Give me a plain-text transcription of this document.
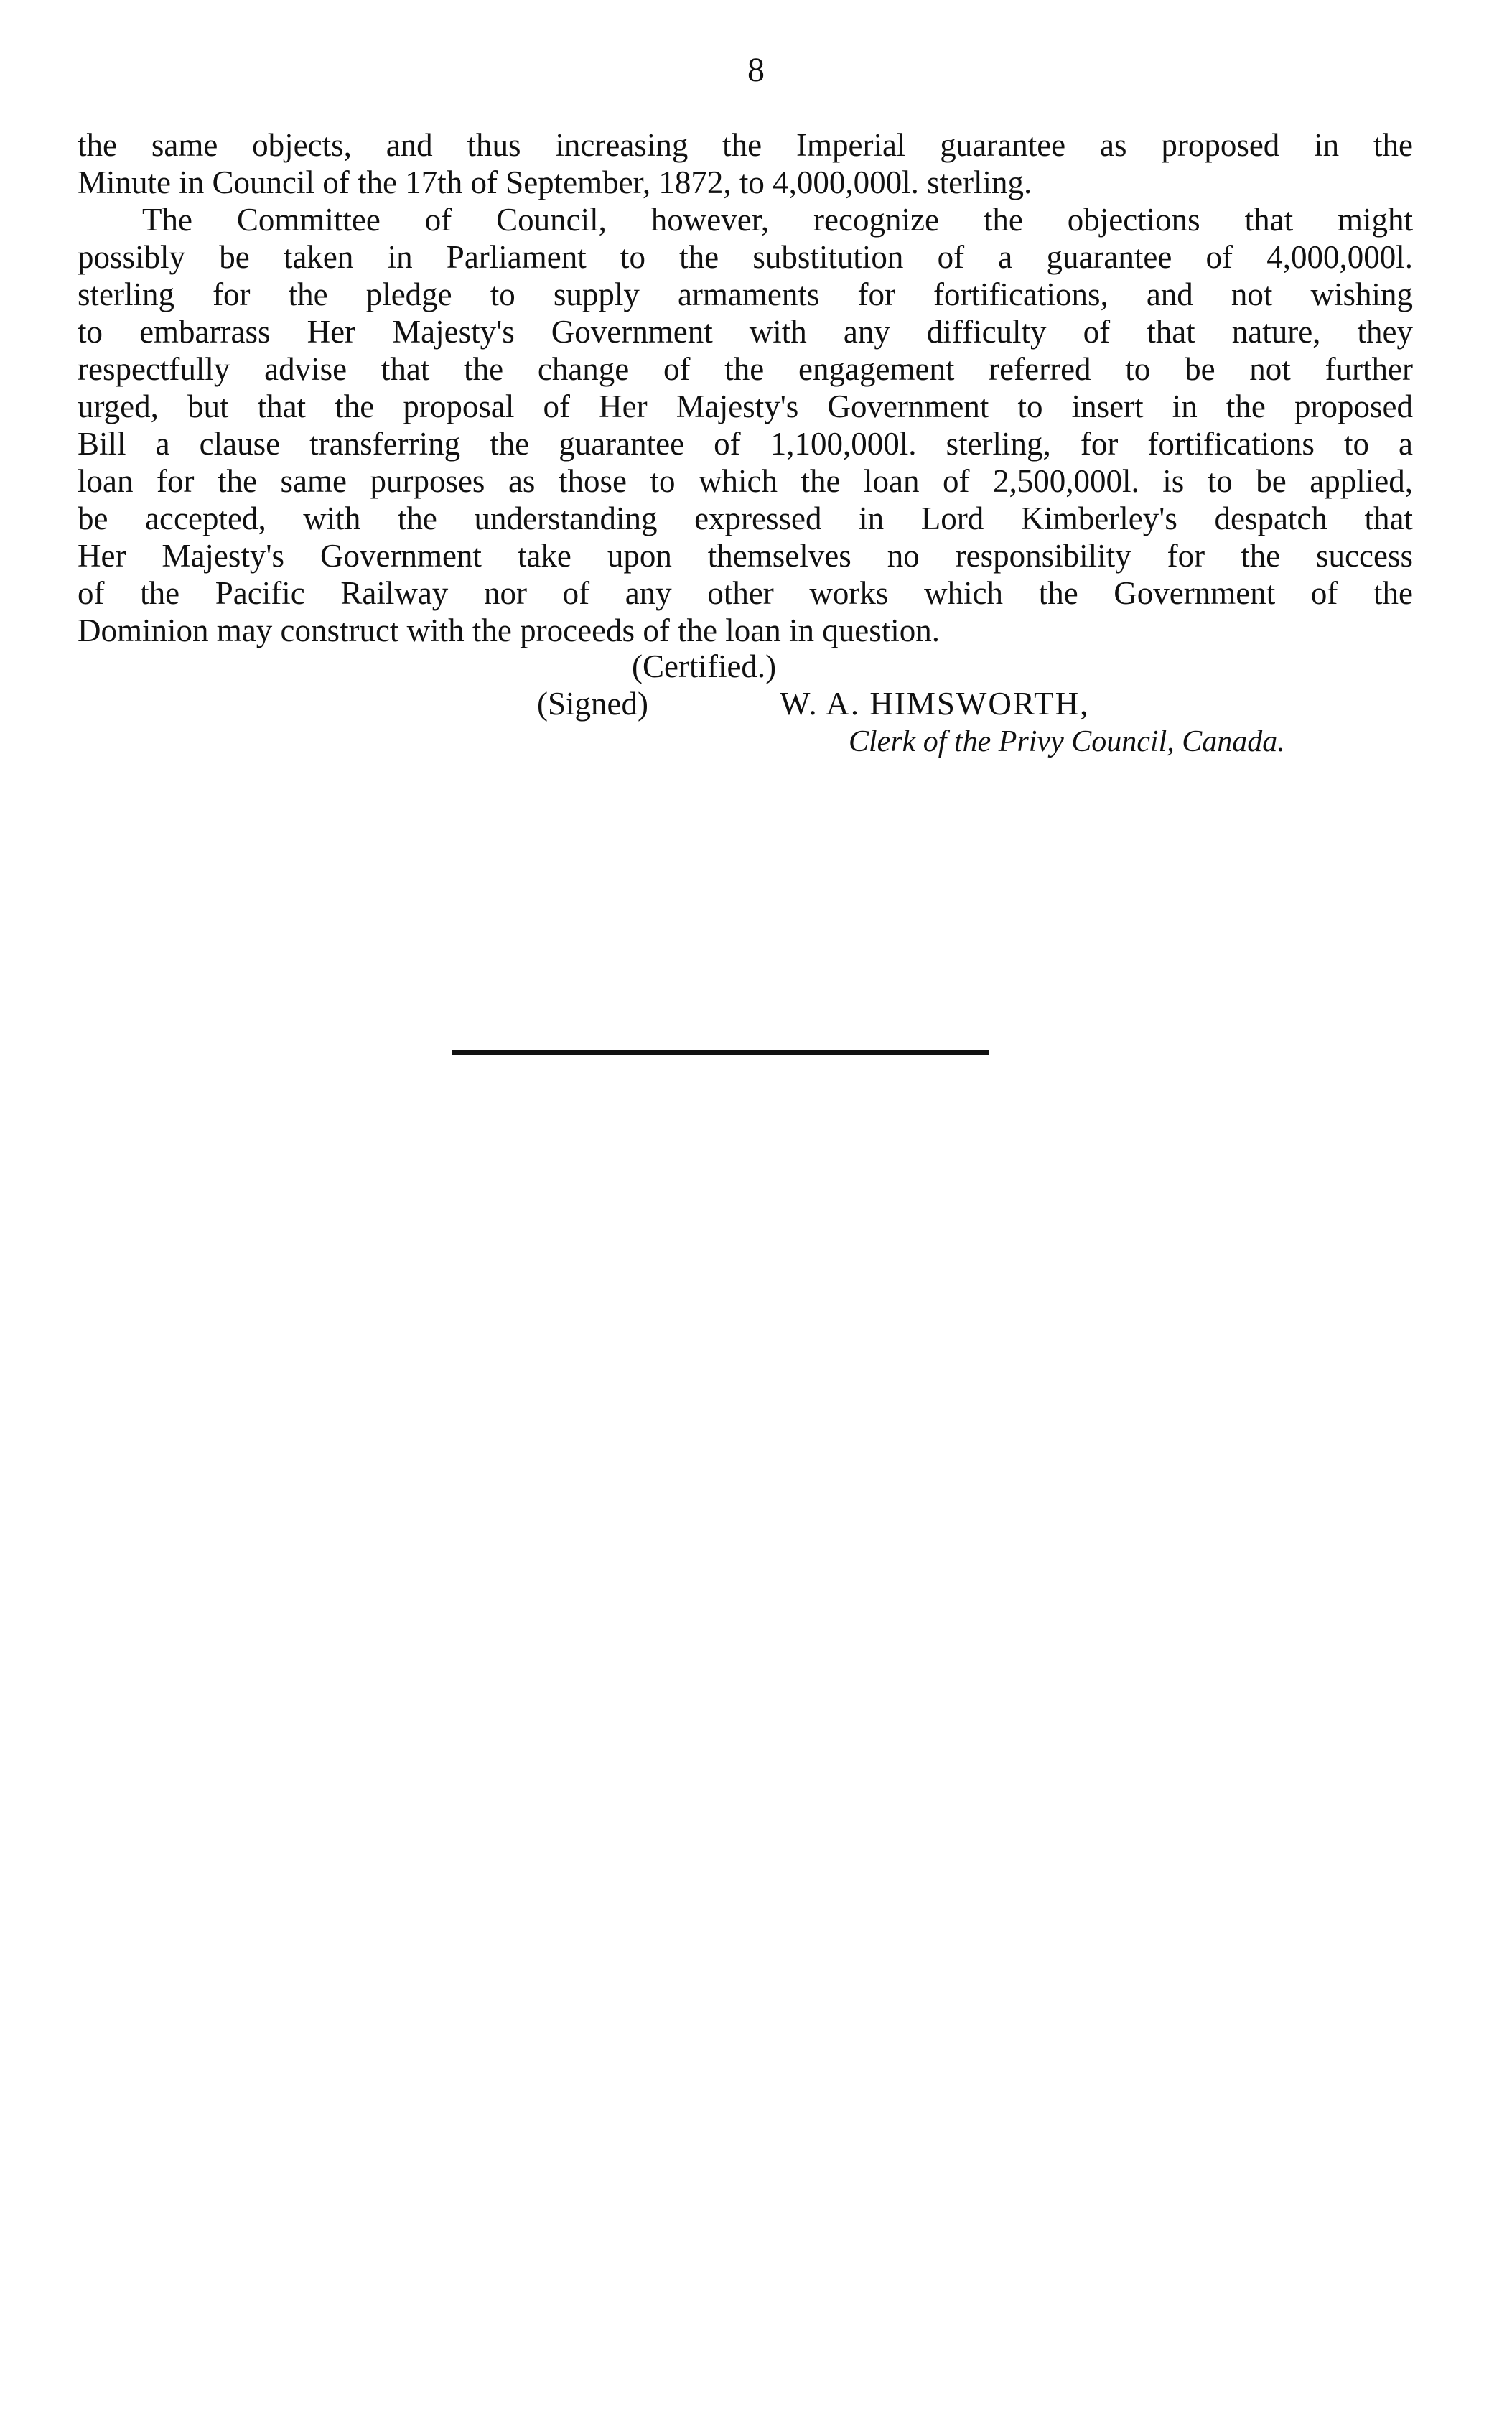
8
the same objects, and thus increasing the Imperial guarantee as proposed in the
Minute in Council of the 17th of September, 1872, to 4,000,000l. sterling.
The Committee of Council, however, recognize the objections that might
possibly be taken in Parliament to the substitution of a guarantee of 4,000,000l.
sterling for the pledge to supply armaments for fortifications, and not wishing
to embarrass Her Majesty's Government with any difficulty of that nature, they
respectfully advise that the change of the engagement referred to be not further
urged, but that the proposal of Her Majesty's Government to insert in the proposed
Bill a clause transferring the guarantee of 1,100,000l. sterling, for fortifications to a
loan for the same purposes as those to which the loan of 2,500,000l. is to be applied,
be accepted, with the understanding expressed in Lord Kimberley's despatch that
Her Majesty's Government take upon themselves no responsibility for the success
of the Pacific Railway nor of any other works which the Government of the
Dominion may construct with the proceeds of the loan in question.
(Certified.)
(Signed)	W. A. HIMSWORTH,
Clerk of the Privy Council, Canada.
